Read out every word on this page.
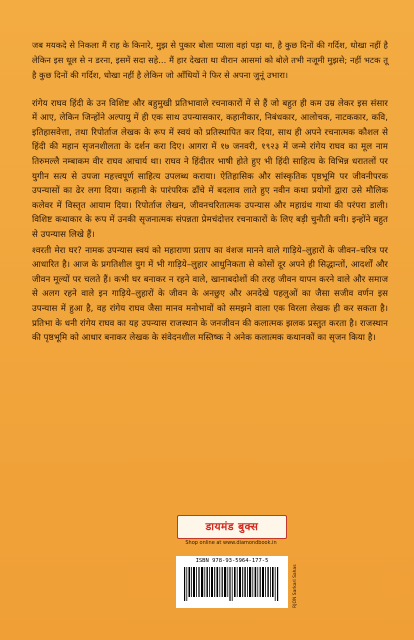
जब मयकदे से निकला मैं राह के किनारे, मुझ से पुकार बोला प्याला वहां पड़ा था, है कुछ दिनों की गर्दिश, धोखा नहीं है लेकिन इस धूल से न डरना, इसमें सदा सहे... मैं हार देखता था वीरान आसमां को बोले तभी नजूमी मुझसे; नहीं भटक तू है कुछ दिनों की गर्दिश, धोखा नहीं है लेकिन जो आँधियों ने फिर से अपना जुनूं उभारा।

रांगेय राघव हिंदी के उन विशिष्ट और बहुमुखी प्रतिभावाले रचनाकारों में से हैं जो बहुत ही कम उम्र लेकर इस संसार में आए, लेकिन जिन्होंने अल्पायु में ही एक साथ उपन्यासकार, कहानीकार, निबंधकार, आलोचक, नाटककार, कवि, इतिहासवेत्ता, तथा रिपोर्ताज लेखक के रूप में स्वयं को प्रतिस्थापित कर दिया, साथ ही अपने रचनात्मक कौशल से हिंदी की महान सृजनशीलता के दर्शन करा दिए। आगरा में १७ जनवरी, १९२३ में जन्मे रांगेय राघव का मूल नाम तिरुमल्लै नम्बाकम वीर राघव आचार्य था। राघव ने हिंदीतर भाषी होते हुए भी हिंदी साहित्य के विभिन्न धरातलों पर युगीन सत्य से उपजा महत्त्वपूर्ण साहित्य उपलब्ध कराया। ऐतिहासिक और सांस्कृतिक पृष्ठभूमि पर जीवनीपरक उपन्यासों का ढेर लगा दिया। कहानी के पारंपरिक ढाँचे में बदलाव लाते हुए नवीन कथा प्रयोगों द्वारा उसे मौलिक कलेवर में विस्तृत आयाम दिया। रिपोर्ताज लेखन, जीवनचरितात्मक उपन्यास और महाग्रंथ गाथा की परंपरा डाली। विशिष्ट कथाकार के रूप में उनकी सृजनात्मक संपन्नता प्रेमचंदोत्तर रचनाकारों के लिए बड़ी चुनौती बनी। इन्होंने बहुत से उपन्यास लिखे हैं।

श्वरती मेरा घर? नामक उपन्यास स्वयं को महाराणा प्रताप का वंशज मानने वाले गाड़िये–लुहारों के जीवन–चरित्र पर आधारित है। आज के प्रगतिशील युग में भी गाड़िये–लुहार आधुनिकता से कोसों दूर अपने ही सिद्धान्तों, आदर्शों और जीवन मूल्यों पर चलते हैं। कभी घर बनाकर न रहने वाले, खानाबदोशों की तरह जीवन यापन करने वाले और समाज से अलग रहने वाले इन गाड़िये–लुहारों के जीवन के अनछुए और अनदेखे पहलुओं का जैसा सजीव वर्णन इस उपन्यास में हुआ है, वह रांगेय राघव जैसा मानव मनोभावों को समझने वाला एक विरला लेखक ही कर सकता है।प्रतिभा के धनी रांगेय राघव का यह उपन्यास राजस्थान के जनजीवन की कलात्मक झलक प्रस्तुत करता है। राजस्थान की पृष्ठभूमि को आधार बनाकर लेखक के संवेदनशील मस्तिष्क ने अनेक कलात्मक कथानकों का सृजन किया है।

डायमंड बुक्स
Shop online at www.diamondbook.in
ISBN 978-93-5964-177-5
RJON Sarkari Sahas
